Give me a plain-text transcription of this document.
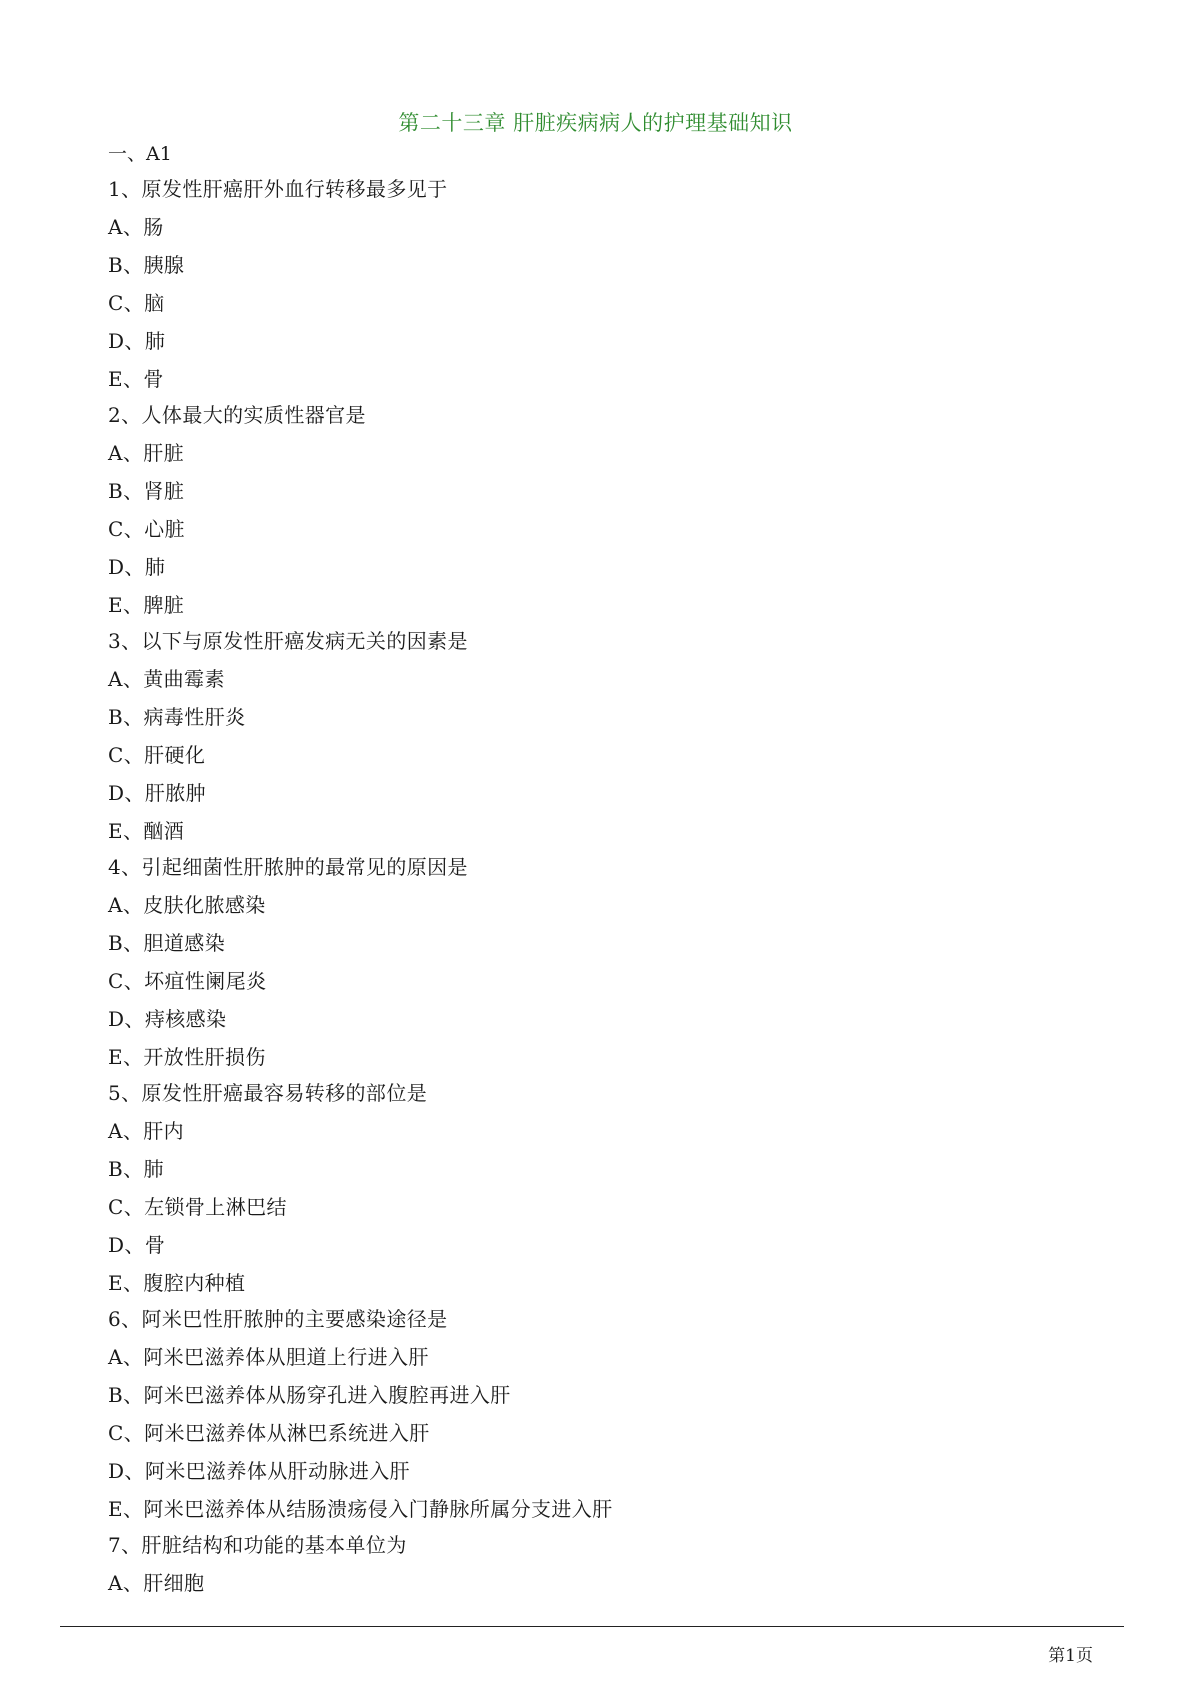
第二十三章 肝脏疾病病人的护理基础知识
一、A1
1、原发性肝癌肝外血行转移最多见于
A、肠
B、胰腺
C、脑
D、肺
E、骨
2、人体最大的实质性器官是
A、肝脏
B、肾脏
C、心脏
D、肺
E、脾脏
3、以下与原发性肝癌发病无关的因素是
A、黄曲霉素
B、病毒性肝炎
C、肝硬化
D、肝脓肿
E、酗酒
4、引起细菌性肝脓肿的最常见的原因是
A、皮肤化脓感染
B、胆道感染
C、坏疽性阑尾炎
D、痔核感染
E、开放性肝损伤
5、原发性肝癌最容易转移的部位是
A、肝内
B、肺
C、左锁骨上淋巴结
D、骨
E、腹腔内种植
6、阿米巴性肝脓肿的主要感染途径是
A、阿米巴滋养体从胆道上行进入肝
B、阿米巴滋养体从肠穿孔进入腹腔再进入肝
C、阿米巴滋养体从淋巴系统进入肝
D、阿米巴滋养体从肝动脉进入肝
E、阿米巴滋养体从结肠溃疡侵入门静脉所属分支进入肝
7、肝脏结构和功能的基本单位为
A、肝细胞
第1页
